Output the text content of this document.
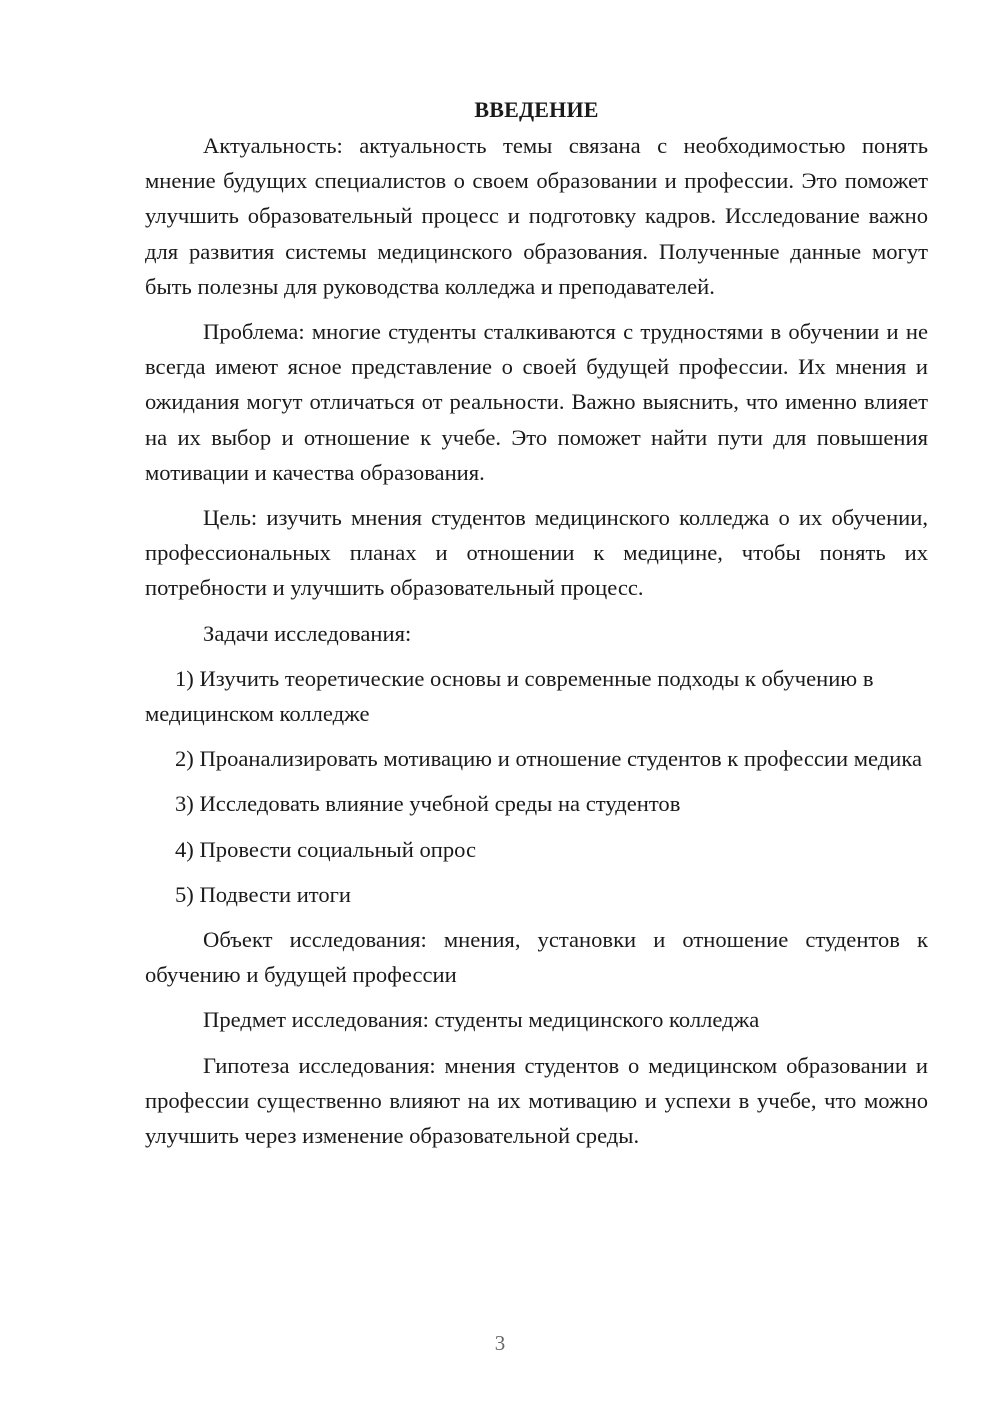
ВВЕДЕНИЕ

Актуальность: актуальность темы связана с необходимостью понять мнение будущих специалистов о своем образовании и профессии. Это поможет улучшить образовательный процесс и подготовку кадров. Исследование важно для развития системы медицинского образования. Полученные данные могут быть полезны для руководства колледжа и преподавателей.

Проблема: многие студенты сталкиваются с трудностями в обучении и не всегда имеют ясное представление о своей будущей профессии. Их мнения и ожидания могут отличаться от реальности. Важно выяснить, что именно влияет на их выбор и отношение к учебе. Это поможет найти пути для повышения мотивации и качества образования.

Цель: изучить мнения студентов медицинского колледжа о их обучении, профессиональных планах и отношении к медицине, чтобы понять их потребности и улучшить образовательный процесс.

Задачи исследования:

1) Изучить теоретические основы и современные подходы к обучению в медицинском колледже

2) Проанализировать мотивацию и отношение студентов к профессии медика

3) Исследовать влияние учебной среды на студентов

4) Провести социальный опрос

5) Подвести итоги

Объект исследования: мнения, установки и отношение студентов к обучению и будущей профессии

Предмет исследования: студенты медицинского колледжа

Гипотеза исследования: мнения студентов о медицинском образовании и профессии существенно влияют на их мотивацию и успехи в учебе, что можно улучшить через изменение образовательной среды.

3
